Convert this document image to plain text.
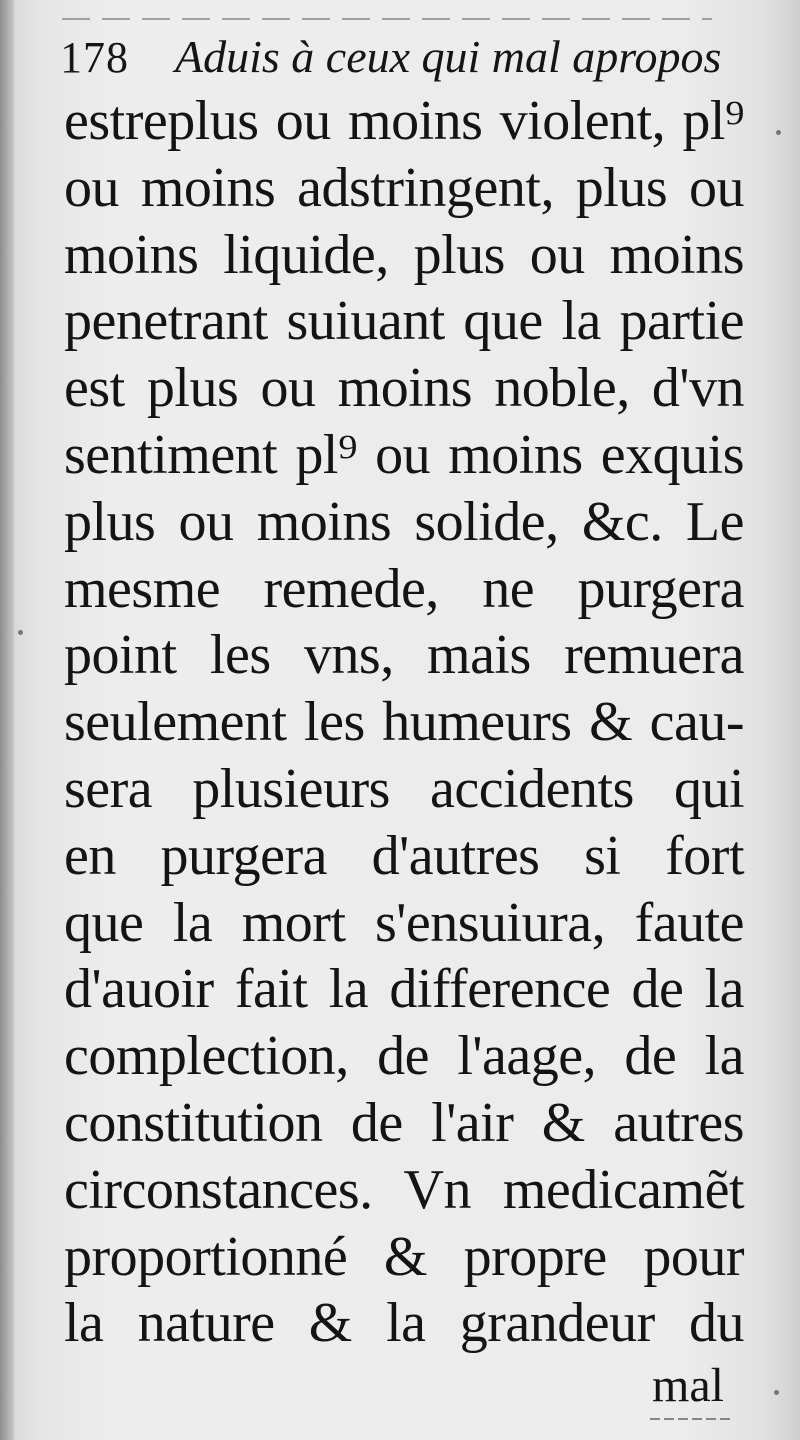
178 Aduis à ceux qui mal apropos
estreplus ou moins violent, pl⁹
ou moins adstringent, plus ou
moins liquide, plus ou moins
penetrant suiuant que la partie
est plus ou moins noble, d'vn
sentiment pl⁹ ou moins exquis
plus ou moins solide, &c. Le
mesme remede, ne purgera
point les vns, mais remuera
seulement les humeurs & cau-
sera plusieurs accidents qui
en purgera d'autres si fort
que la mort s'ensuiura, faute
d'auoir fait la difference de la
complection, de l'aage, de la
constitution de l'air & autres
circonstances. Vn medicamẽt
proportionné & propre pour
la nature & la grandeur du
mal
